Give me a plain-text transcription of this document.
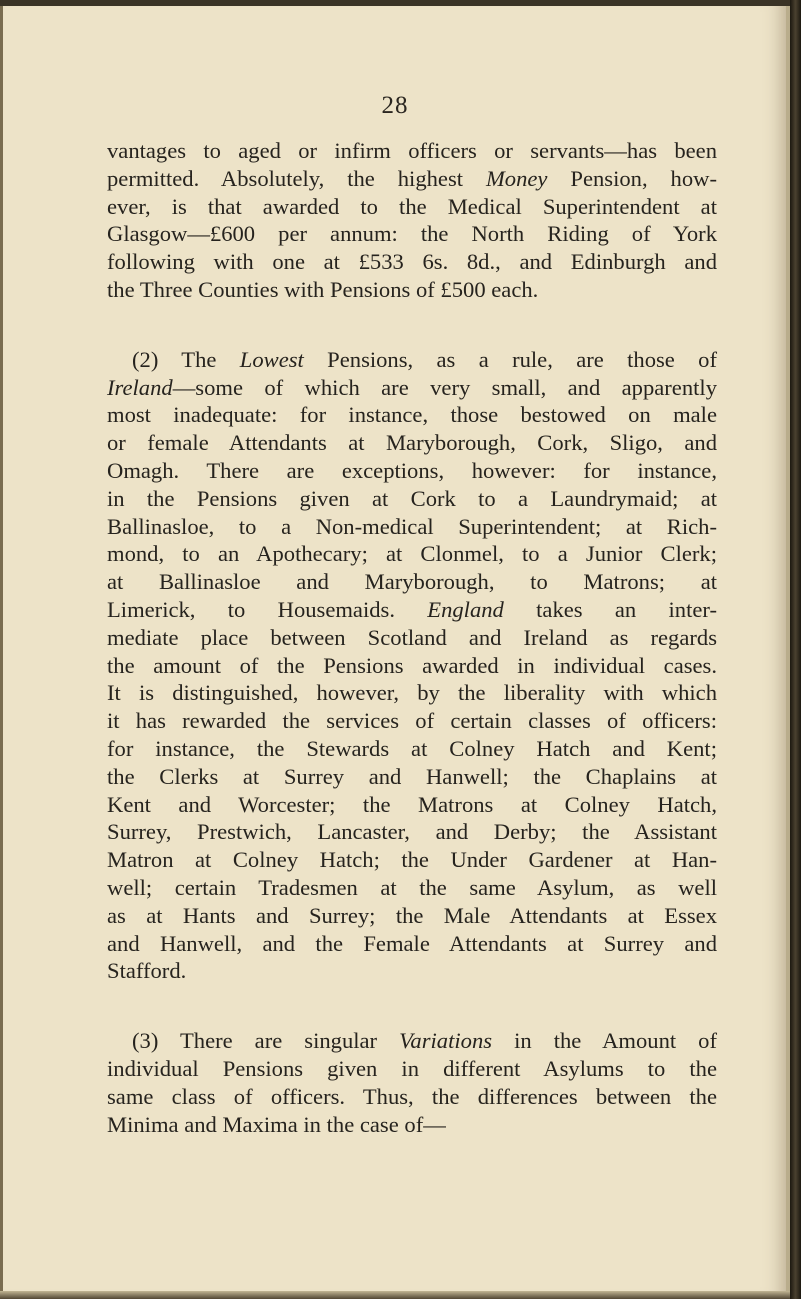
28

vantages to aged or infirm officers or servants—has been
permitted. Absolutely, the highest Money Pension, how-
ever, is that awarded to the Medical Superintendent at
Glasgow—£600 per annum: the North Riding of York
following with one at £533 6s. 8d., and Edinburgh and
the Three Counties with Pensions of £500 each.

(2) The Lowest Pensions, as a rule, are those of
Ireland—some of which are very small, and apparently
most inadequate: for instance, those bestowed on male
or female Attendants at Maryborough, Cork, Sligo, and
Omagh. There are exceptions, however: for instance,
in the Pensions given at Cork to a Laundrymaid; at
Ballinasloe, to a Non-medical Superintendent; at Rich-
mond, to an Apothecary; at Clonmel, to a Junior Clerk;
at Ballinasloe and Maryborough, to Matrons; at
Limerick, to Housemaids. England takes an inter-
mediate place between Scotland and Ireland as regards
the amount of the Pensions awarded in individual cases.
It is distinguished, however, by the liberality with which
it has rewarded the services of certain classes of officers:
for instance, the Stewards at Colney Hatch and Kent;
the Clerks at Surrey and Hanwell; the Chaplains at
Kent and Worcester; the Matrons at Colney Hatch,
Surrey, Prestwich, Lancaster, and Derby; the Assistant
Matron at Colney Hatch; the Under Gardener at Han-
well; certain Tradesmen at the same Asylum, as well
as at Hants and Surrey; the Male Attendants at Essex
and Hanwell, and the Female Attendants at Surrey and
Stafford.

(3) There are singular Variations in the Amount of
individual Pensions given in different Asylums to the
same class of officers. Thus, the differences between the
Minima and Maxima in the case of—
